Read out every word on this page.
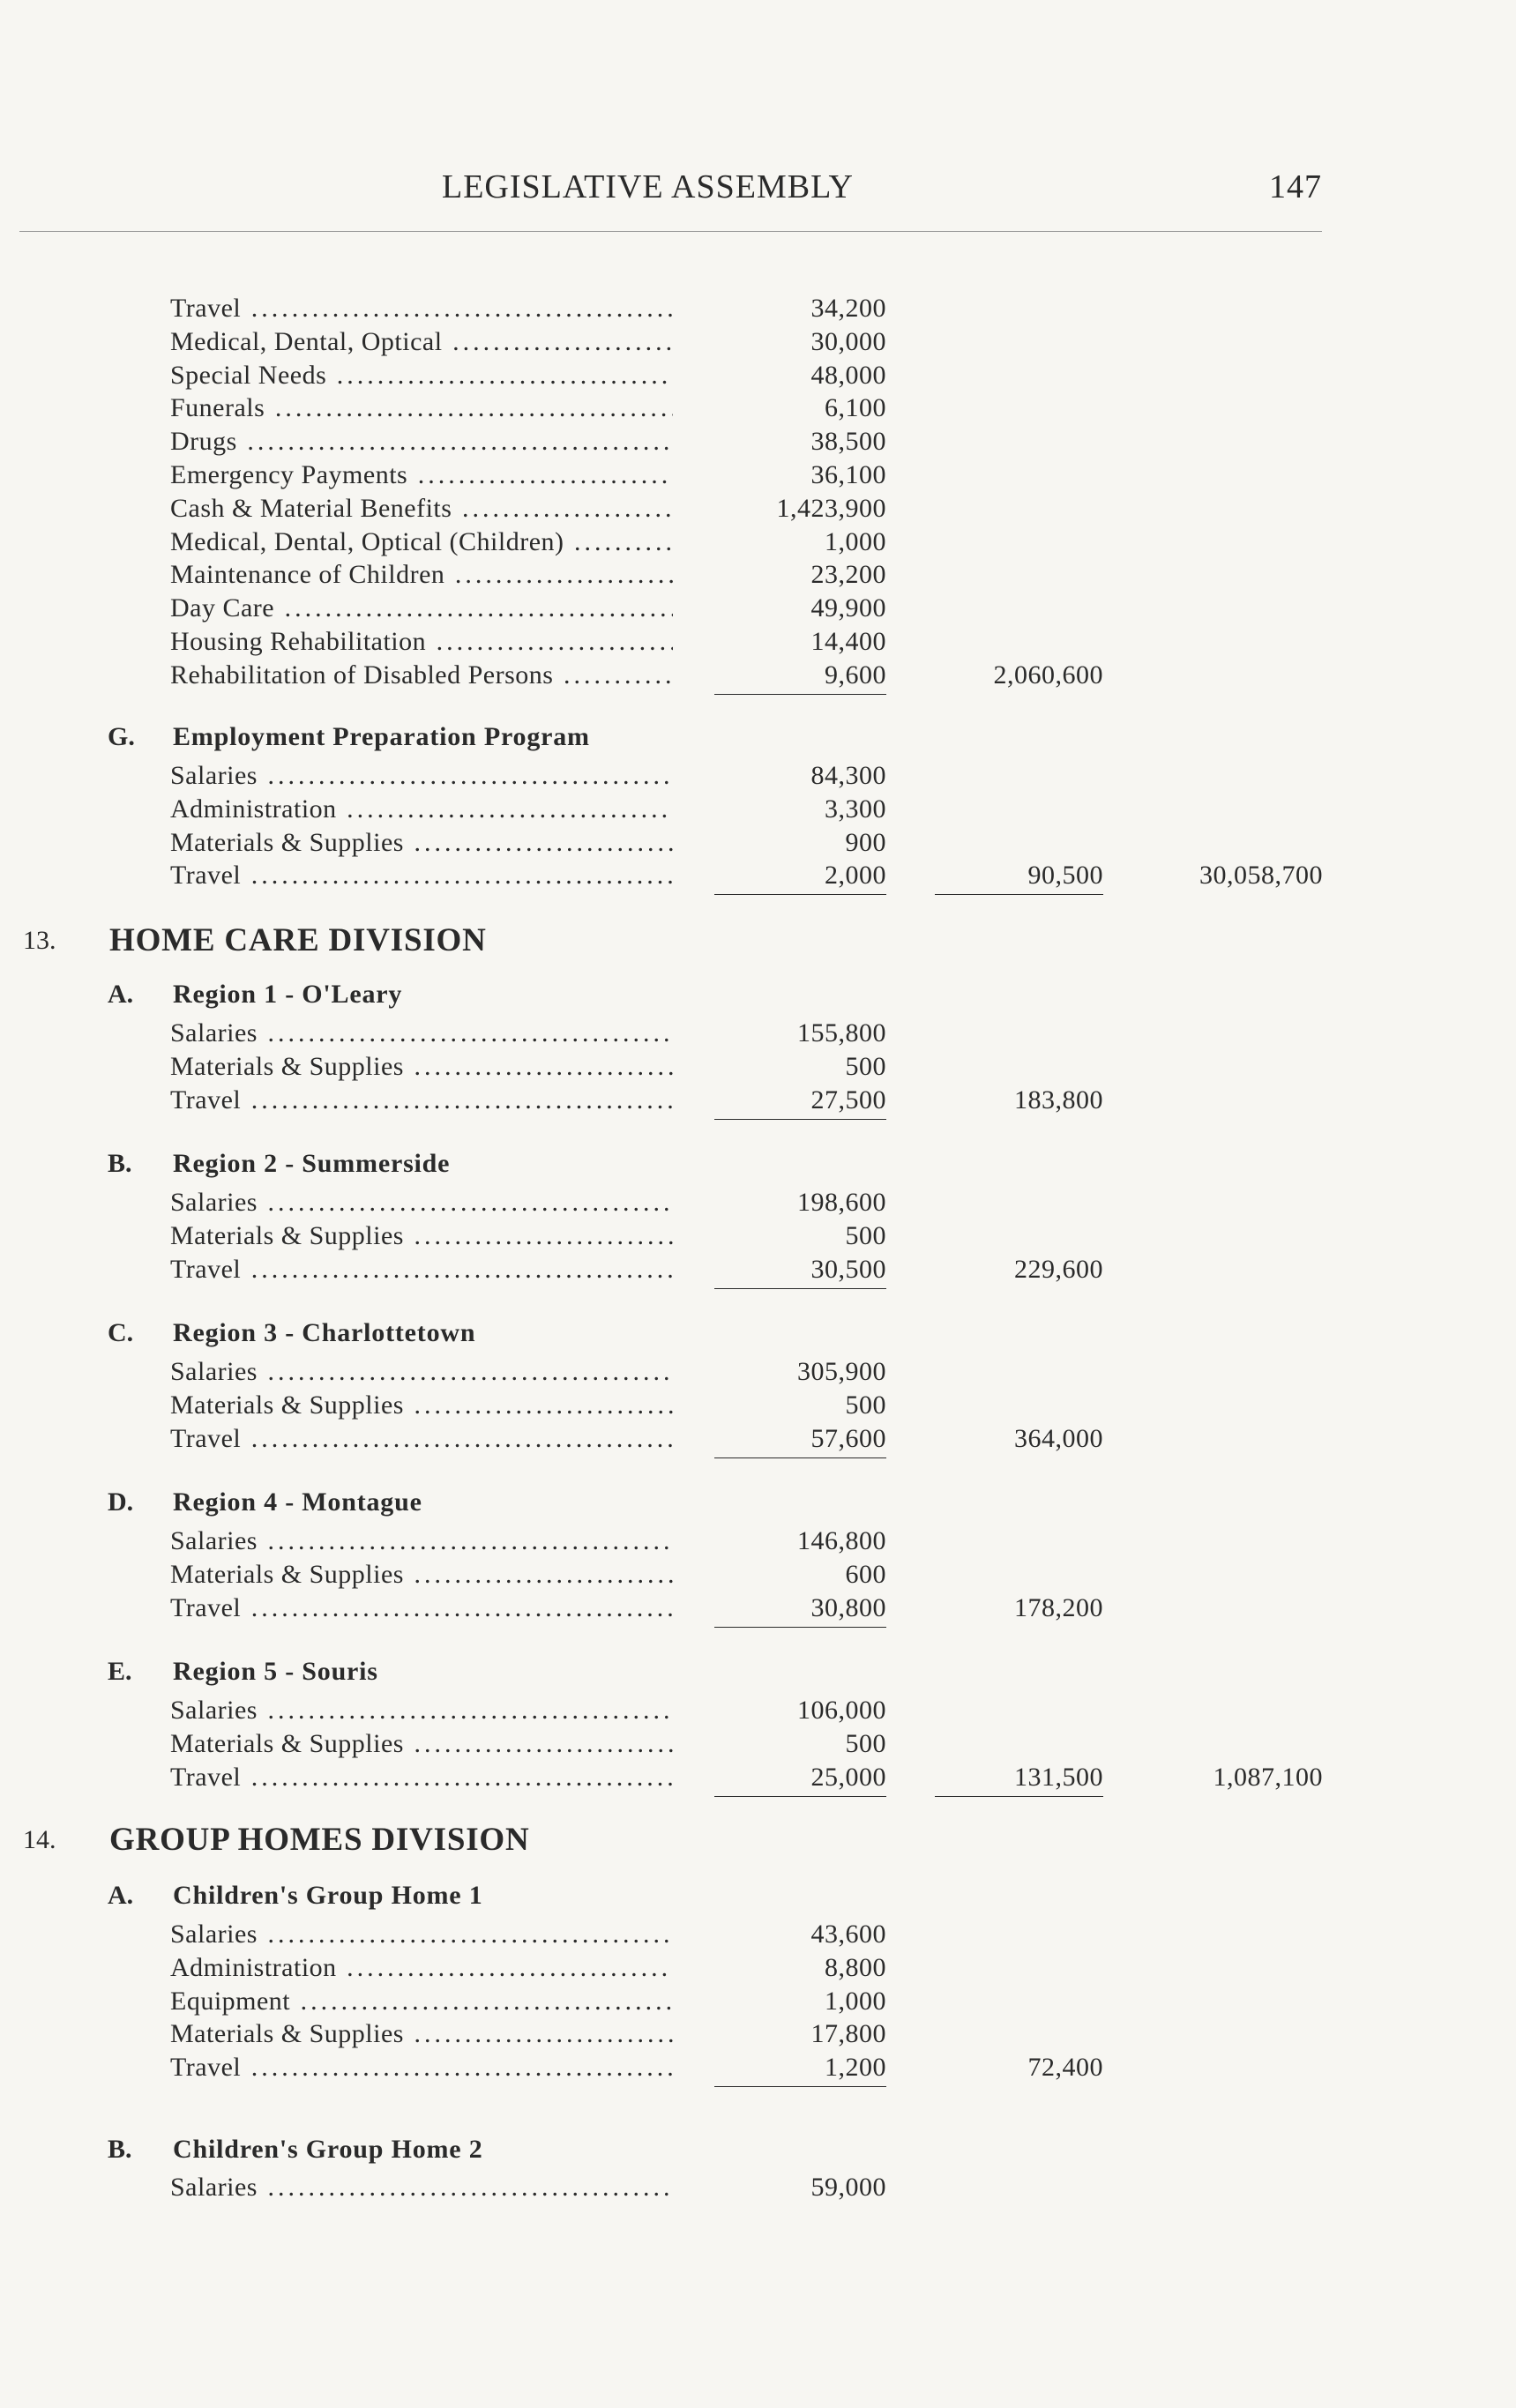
LEGISLATIVE ASSEMBLY	147
Travel .....	34,200
Medical, Dental, Optical .....	30,000
Special Needs .....	48,000
Funerals .....	6,100
Drugs .....	38,500
Emergency Payments .....	36,100
Cash & Material Benefits .....	1,423,900
Medical, Dental, Optical (Children) .....	1,000
Maintenance of Children .....	23,200
Day Care .....	49,900
Housing Rehabilitation .....	14,400
Rehabilitation of Disabled Persons .....	9,600	2,060,600
G. Employment Preparation Program
Salaries .....	84,300
Administration .....	3,300
Materials & Supplies .....	900
Travel .....	2,000	90,500	30,058,700
A. Region 1 - O'Leary
Salaries .....	155,800
Materials & Supplies .....	500
Travel .....	27,500	183,800
B. Region 2 - Summerside
Salaries .....	198,600
Materials & Supplies .....	500
Travel .....	30,500	229,600
C. Region 3 - Charlottetown
Salaries .....	305,900
Materials & Supplies .....	500
Travel .....	57,600	364,000
D. Region 4 - Montague
Salaries .....	146,800
Materials & Supplies .....	600
Travel .....	30,800	178,200
E. Region 5 - Souris
Salaries .....	106,000
Materials & Supplies .....	500
Travel .....	25,000	131,500	1,087,100
A. Children's Group Home 1
Salaries .....	43,600
Administration .....	8,800
Equipment .....	1,000
Materials & Supplies .....	17,800
Travel .....	1,200	72,400
B. Children's Group Home 2
Salaries .....	59,000
13. HOME CARE DIVISION
14. GROUP HOMES DIVISION
